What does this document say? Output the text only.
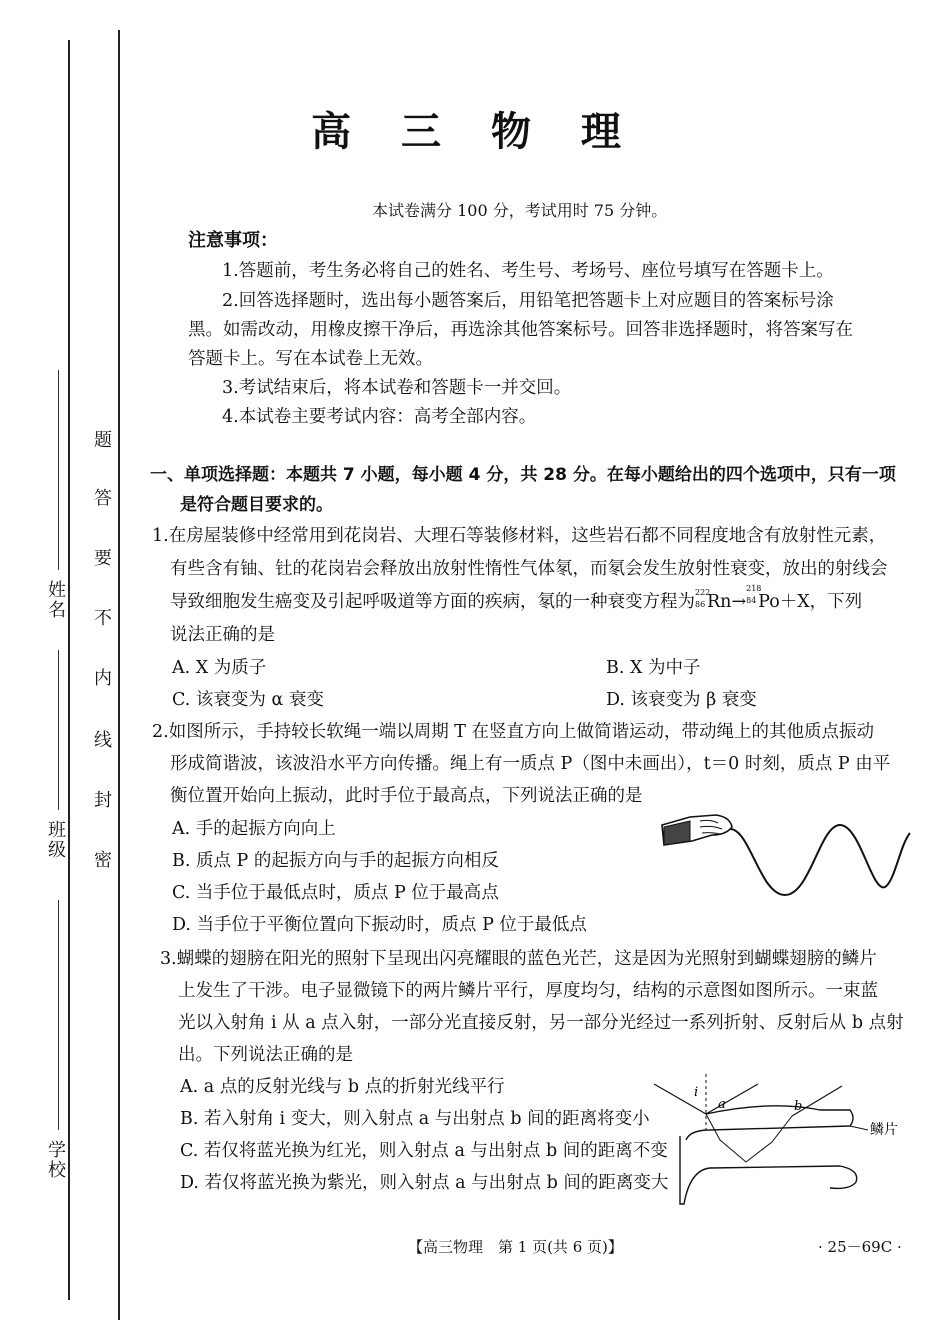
姓名
班级
学校
题
答
要
不
内
线
封
密
高 三 物 理
本试卷满分 100 分，考试用时 75 分钟。
注意事项：
1.答题前，考生务必将自己的姓名、考生号、考场号、座位号填写在答题卡上。
2.回答选择题时，选出每小题答案后，用铅笔把答题卡上对应题目的答案标号涂
黑。如需改动，用橡皮擦干净后，再选涂其他答案标号。回答非选择题时，将答案写在
答题卡上。写在本试卷上无效。
3.考试结束后，将本试卷和答题卡一并交回。
4.本试卷主要考试内容：高考全部内容。
一、单项选择题：本题共 7 小题，每小题 4 分，共 28 分。在每小题给出的四个选项中，只有一项
是符合题目要求的。
1.在房屋装修中经常用到花岗岩、大理石等装修材料，这些岩石都不同程度地含有放射性元素，
有些含有铀、钍的花岗岩会释放出放射性惰性气体氡，而氡会发生放射性衰变，放出的射线会
导致细胞发生癌变及引起呼吸道等方面的疾病，氡的一种衰变方程为 222
86 Rn→
218
84 Po＋X，下列
说法正确的是
A. X 为质子	B. X 为中子
C. 该衰变为 α 衰变	D. 该衰变为 β 衰变
2.如图所示，手持较长软绳一端以周期 T 在竖直方向上做简谐运动，带动绳上的其他质点振动
形成简谐波，该波沿水平方向传播。绳上有一质点 P（图中未画出），t＝0 时刻，质点 P 由平
衡位置开始向上振动，此时手位于最高点，下列说法正确的是
A. 手的起振方向向上
B. 质点 P 的起振方向与手的起振方向相反
C. 当手位于最低点时，质点 P 位于最高点
D. 当手位于平衡位置向下振动时，质点 P 位于最低点
3.蝴蝶的翅膀在阳光的照射下呈现出闪亮耀眼的蓝色光芒，这是因为光照射到蝴蝶翅膀的鳞片
上发生了干涉。电子显微镜下的两片鳞片平行，厚度均匀，结构的示意图如图所示。一束蓝
光以入射角 i 从 a 点入射，一部分光直接反射，另一部分光经过一系列折射、反射后从 b 点射
出。下列说法正确的是
A. a 点的反射光线与 b 点的折射光线平行
B. 若入射角 i 变大，则入射点 a 与出射点 b 间的距离将变小
C. 若仅将蓝光换为红光，则入射点 a 与出射点 b 间的距离不变
D. 若仅将蓝光换为紫光，则入射点 a 与出射点 b 间的距离变大
i
a	b
鳞片
【高三物理　第 1 页(共 6 页)】	· 25－69C ·
